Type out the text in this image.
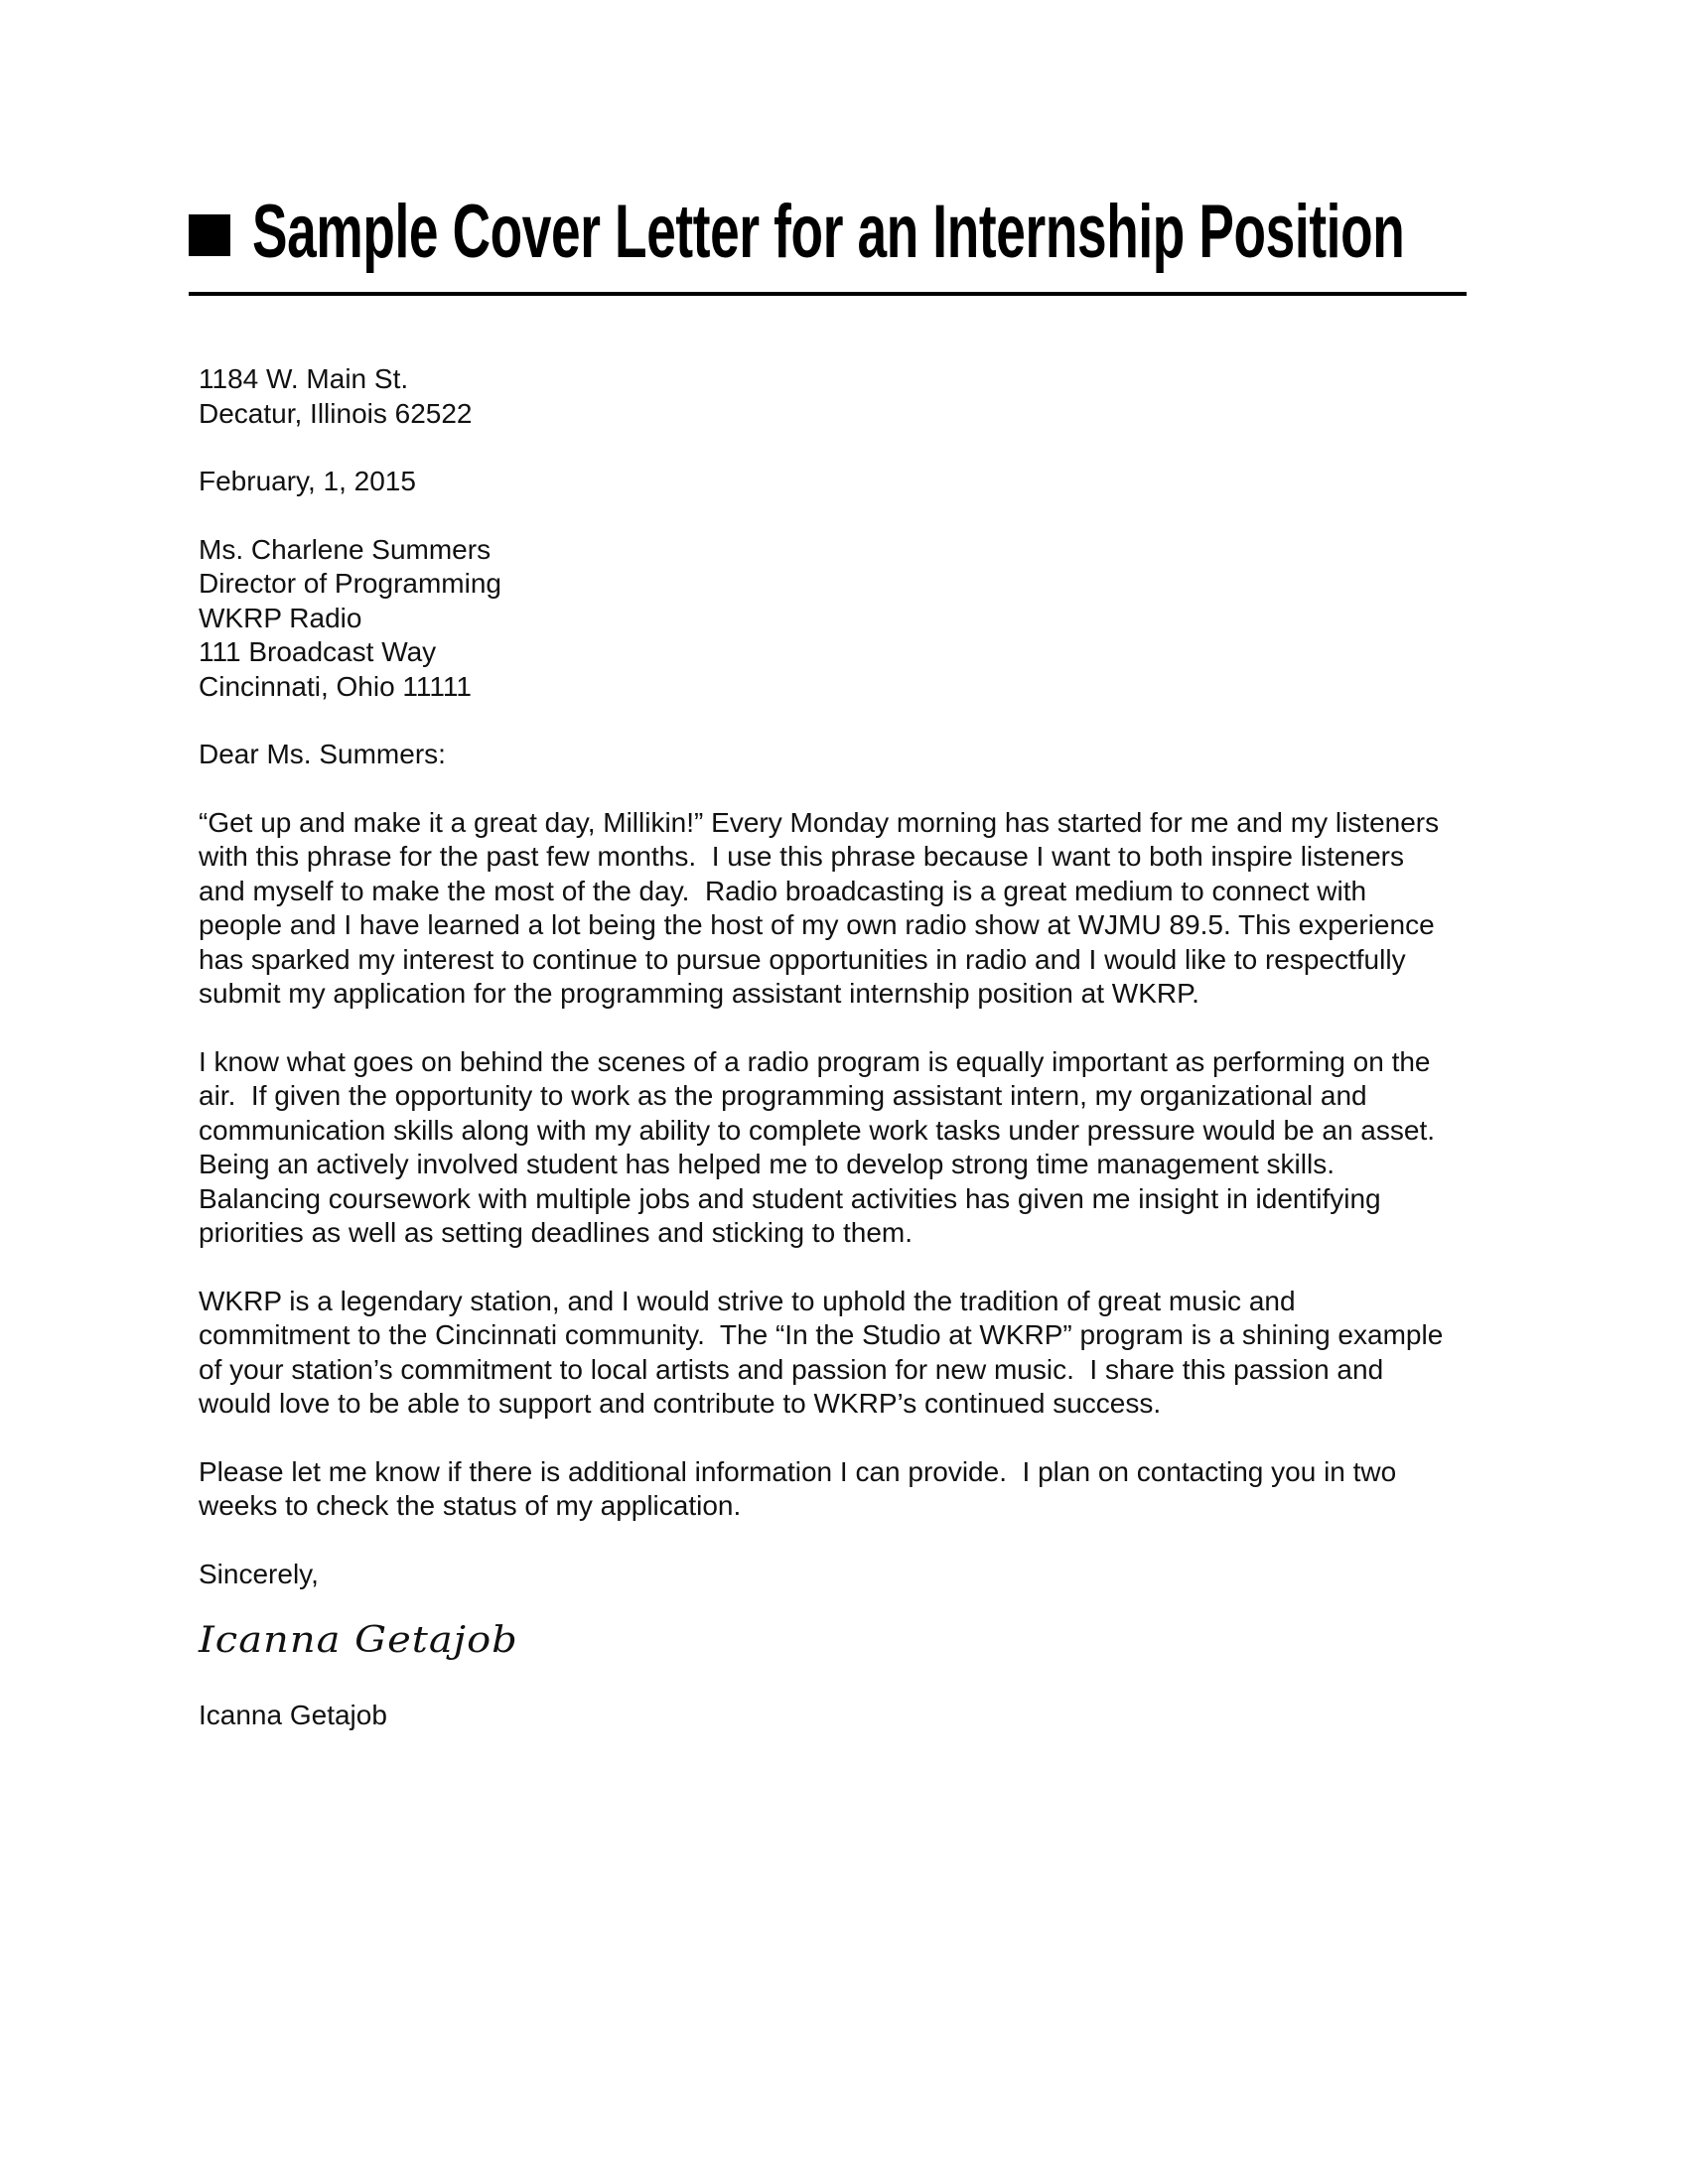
Sample Cover Letter for an Internship Position
1184 W. Main St.
Decatur, Illinois 62522
February, 1, 2015
Ms. Charlene Summers
Director of Programming
WKRP Radio
111 Broadcast Way
Cincinnati, Ohio 11111
Dear Ms. Summers:

“Get up and make it a great day, Millikin!” Every Monday morning has started for me and my listeners with this phrase for the past few months.  I use this phrase because I want to both inspire listeners and myself to make the most of the day.  Radio broadcasting is a great medium to connect with people and I have learned a lot being the host of my own radio show at WJMU 89.5. This experience has sparked my interest to continue to pursue opportunities in radio and I would like to respectfully submit my application for the programming assistant internship position at WKRP.

I know what goes on behind the scenes of a radio program is equally important as performing on the air.  If given the opportunity to work as the programming assistant intern, my organizational and communication skills along with my ability to complete work tasks under pressure would be an asset.  Being an actively involved student has helped me to develop strong time management skills.  Balancing coursework with multiple jobs and student activities has given me insight in identifying priorities as well as setting deadlines and sticking to them.

WKRP is a legendary station, and I would strive to uphold the tradition of great music and commitment to the Cincinnati community.  The “In the Studio at WKRP” program is a shining example of your station’s commitment to local artists and passion for new music.  I share this passion and would love to be able to support and contribute to WKRP’s continued success.

Please let me know if there is additional information I can provide.  I plan on contacting you in two weeks to check the status of my application.

Sincerely,
Icanna Getajob
Icanna Getajob
